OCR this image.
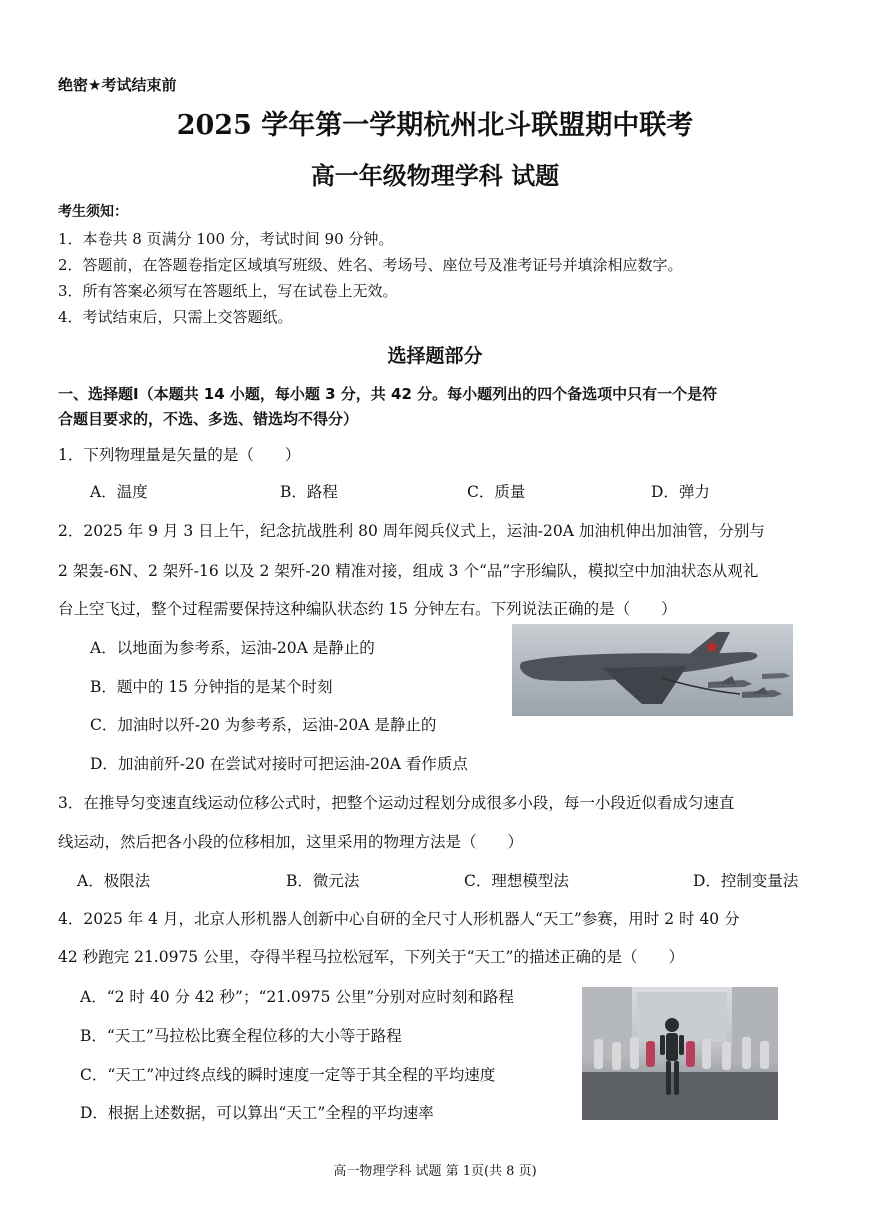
绝密★考试结束前
2025 学年第一学期杭州北斗联盟期中联考
高一年级物理学科 试题
考生须知：
1．本卷共 8 页满分 100 分，考试时间 90 分钟。
2．答题前，在答题卷指定区域填写班级、姓名、考场号、座位号及准考证号并填涂相应数字。
3．所有答案必须写在答题纸上，写在试卷上无效。
4．考试结束后，只需上交答题纸。
选择题部分
一、选择题Ⅰ（本题共 14 小题，每小题 3 分，共 42 分。每小题列出的四个备选项中只有一个是符
合题目要求的，不选、多选、错选均不得分）
1．下列物理量是矢量的是（　　）
A．温度	B．路程	C．质量	D．弹力
2．2025 年 9 月 3 日上午，纪念抗战胜利 80 周年阅兵仪式上，运油-20A 加油机伸出加油管，分别与
2 架轰-6N、2 架歼-16 以及 2 架歼-20 精准对接，组成 3 个“品”字形编队，模拟空中加油状态从观礼
台上空飞过，整个过程需要保持这种编队状态约 15 分钟左右。下列说法正确的是（　　）
A．以地面为参考系，运油-20A 是静止的
B．题中的 15 分钟指的是某个时刻
C．加油时以歼-20 为参考系，运油-20A 是静止的
D．加油前歼-20 在尝试对接时可把运油-20A 看作质点
3．在推导匀变速直线运动位移公式时，把整个运动过程划分成很多小段，每一小段近似看成匀速直
线运动，然后把各小段的位移相加，这里采用的物理方法是（　　）
A．极限法	B．微元法	C．理想模型法	D．控制变量法
4．2025 年 4 月，北京人形机器人创新中心自研的全尺寸人形机器人“天工”参赛，用时 2 时 40 分
42 秒跑完 21.0975 公里，夺得半程马拉松冠军，下列关于“天工”的描述正确的是（　　）
A．“2 时 40 分 42 秒”；“21.0975 公里”分别对应时刻和路程
B．“天工”马拉松比赛全程位移的大小等于路程
C．“天工”冲过终点线的瞬时速度一定等于其全程的平均速度
D．根据上述数据，可以算出“天工”全程的平均速率
高一物理学科 试题 第 1页(共 8 页)
